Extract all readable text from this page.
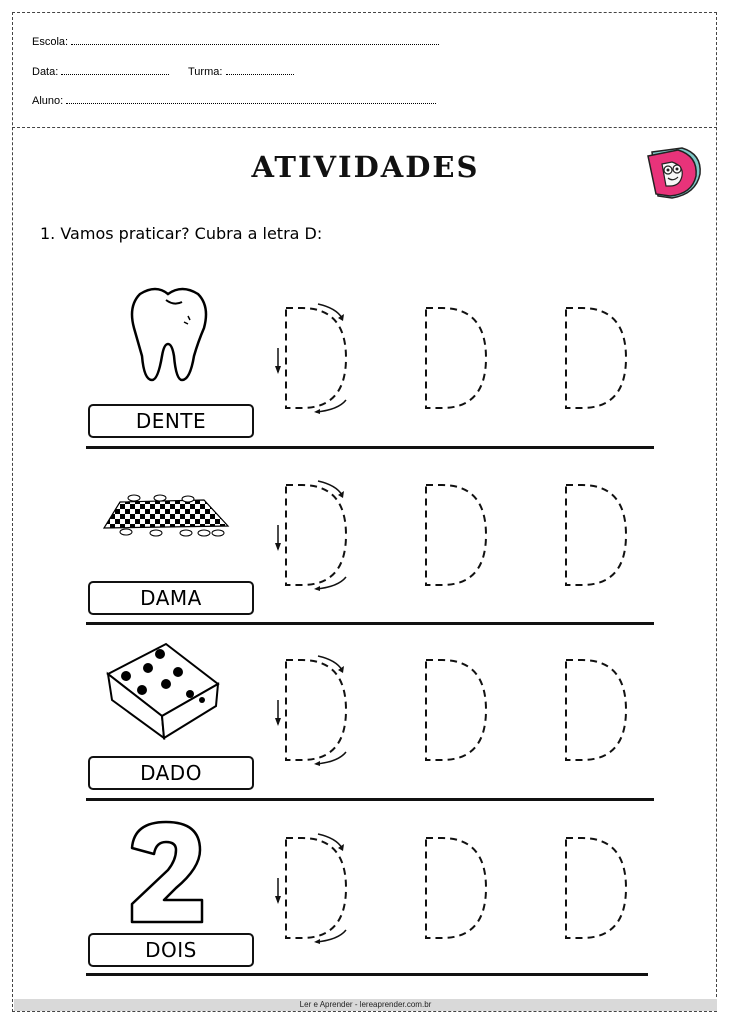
Escola:
Data:	Turma:
Aluno:
ATIVIDADES
1. Vamos praticar? Cubra a letra D:
DENTE
DAMA
DADO
DOIS
Ler e Aprender - lereaprender.com.br
